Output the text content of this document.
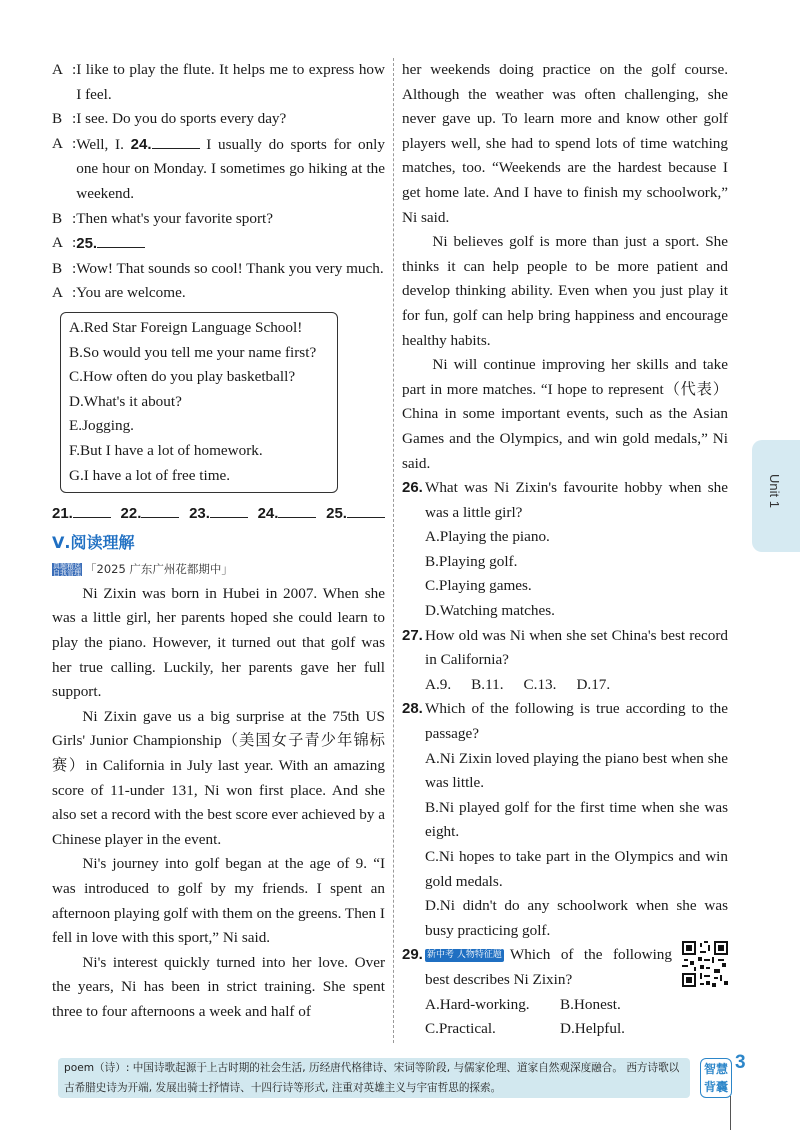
A : I like to play the flute. It helps me to express how I feel.
B : I see. Do you do sports every day?
A : Well, I. 24.	I usually do sports for only one hour on Monday. I sometimes go hiking at the weekend.
B : Then what's your favorite sport?
A : 25.
B : Wow! That sounds so cool! Thank you very much.
A : You are welcome.
A.Red Star Foreign Language School!
B.So would you tell me your name first?
C.How often do you play basketball?
D.What's it about?
E.Jogging.
F.But I have a lot of homework.
G.I have a lot of free time.
21.	22.	23.	24.	25.
Ⅴ.阅读理解
真题精选 自我管理 「2025 广东广州花都期中」

Ni Zixin was born in Hubei in 2007. When she was a little girl, her parents hoped she could learn to play the piano. However, it turned out that golf was her true calling. Luckily, her parents gave her full support.

Ni Zixin gave us a big surprise at the 75th US Girls' Junior Championship（美国女子青少年锦标赛）in California in July last year. With an amazing score of 11-under 131, Ni won first place. And she also set a record with the best score ever achieved by a Chinese player in the event.

Ni's journey into golf began at the age of 9. “I was introduced to golf by my friends. I spent an afternoon playing golf with them on the greens. Then I fell in love with this sport,” Ni said.

Ni's interest quickly turned into her love. Over the years, Ni has been in strict training. She spent three to four afternoons a week and half of

her weekends doing practice on the golf course. Although the weather was often challenging, she never gave up. To learn more and know other golf players well, she had to spend lots of time watching matches, too. “Weekends are the hardest because I get home late. And I have to finish my schoolwork,” Ni said.

Ni believes golf is more than just a sport. She thinks it can help people to be more patient and develop thinking ability. Even when you just play it for fun, golf can help bring happiness and encourage healthy habits.

Ni will continue improving her skills and take part in more matches. “I hope to represent（代表）China in some important events, such as the Asian Games and the Olympics, and win gold medals,” Ni said.

26. What was Ni Zixin's favourite hobby when she was a little girl?
A.Playing the piano.
B.Playing golf.
C.Playing games.
D.Watching matches.
27. How old was Ni when she set China's best record in California?
A.9. B.11. C.13. D.17.
28. Which of the following is true according to the passage?
A.Ni Zixin loved playing the piano best when she was little.
B.Ni played golf for the first time when she was eight.
C.Ni hopes to take part in the Olympics and win gold medals.
D.Ni didn't do any schoolwork when she was busy practicing golf.
29. 新中考 人物特征题 Which of the following best describes Ni Zixin?
A.Hard-working.	B.Honest.
C.Practical.	D.Helpful.
Unit 1
poem（诗）: 中国诗歌起源于上古时期的社会生活, 历经唐代格律诗、宋词等阶段, 与儒家伦理、道家自然观深度融合。 西方诗歌以古希腊史诗为开端, 发展出骑士抒情诗、十四行诗等形式, 注重对英雄主义与宇宙哲思的探索。
智慧背囊
3
